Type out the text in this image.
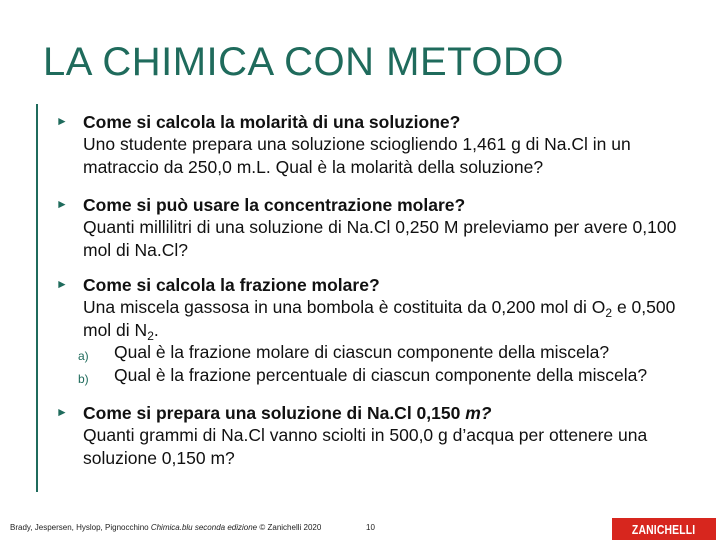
LA CHIMICA CON METODO
► Come si calcola la molarità di una soluzione?
Uno studente prepara una soluzione sciogliendo 1,461 g di Na.Cl in un matraccio da 250,0 m.L. Qual è la molarità della soluzione?
► Come si può usare la concentrazione molare?
Quanti millilitri di una soluzione di Na.Cl 0,250 M preleviamo per avere 0,100 mol di Na.Cl?
► Come si calcola la frazione molare?
Una miscela gassosa in una bombola è costituita da 0,200 mol di $O_2$ e 0,500 mol di $N_2$.
a) Qual è la frazione molare di ciascun componente della miscela?
b) Qual è la frazione percentuale di ciascun componente della miscela?
► Come si prepara una soluzione di Na.Cl 0,150 m?
Quanti grammi di Na.Cl vanno sciolti in 500,0 g d’acqua per ottenere una soluzione 0,150 m?
Brady, Jespersen, Hyslop, Pignocchino Chimica.blu seconda edizione © Zanichelli 2020	10	ZANICHELLI
